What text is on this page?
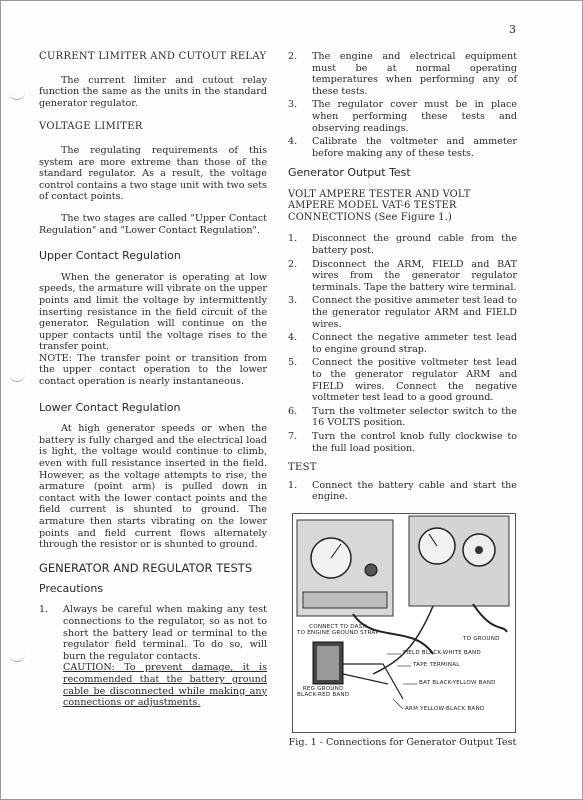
3
CURRENT LIMITER AND CUTOUT RELAY

The current limiter and cutout relay function the same as the units in the standard generator regulator.

VOLTAGE LIMITER

The regulating requirements of this system are more extreme than those of the standard regulator. As a result, the voltage control contains a two stage unit with two sets of contact points.

The two stages are called "Upper Contact Regulation" and "Lower Contact Regulation".

Upper Contact Regulation

When the generator is operating at low speeds, the armature will vibrate on the upper points and limit the voltage by intermittently inserting resistance in the field circuit of the generator. Regulation will continue on the upper contacts until the voltage rises to the transfer point.

NOTE: The transfer point or transition from the upper contact operation to the lower contact operation is nearly instantaneous.

Lower Contact Regulation

At high generator speeds or when the battery is fully charged and the electrical load is light, the voltage would continue to climb, even with full resistance inserted in the field. However, as the voltage attempts to rise, the armature (point arm) is pulled down in contact with the lower contact points and the field current is shunted to ground. The armature then starts vibrating on the lower points and field current flows alternately through the resistor or is shunted to ground.

GENERATOR AND REGULATOR TESTS
Precautions
1. Always be careful when making any test connections to the regulator, so as not to short the battery lead or terminal to the regulator field terminal. To do so, will burn the regulator contacts.
CAUTION: To prevent damage, it is recommended that the battery ground cable be disconnected while making any connections or adjustments.
2. The engine and electrical equipment must be at normal operating temperatures when performing any of these tests.
3. The regulator cover must be in place when performing these tests and observing readings.
4. Calibrate the voltmeter and ammeter before making any of these tests.
Generator Output Test
VOLT AMPERE TESTER AND VOLT AMPERE MODEL VAT-6 TESTER CONNECTIONS (See Figure 1.)
1. Disconnect the ground cable from the battery post.
2. Disconnect the ARM, FIELD and BAT wires from the generator regulator terminals. Tape the battery wire terminal.
3. Connect the positive ammeter test lead to the generator regulator ARM and FIELD wires.
4. Connect the negative ammeter test lead to engine ground strap.
5. Connect the positive voltmeter test lead to the generator regulator ARM and FIELD wires. Connect the negative voltmeter test lead to a good ground.
6. Turn the voltmeter selector switch to the 16 VOLTS position.
7. Turn the control knob fully clockwise to the full load position.
TEST
1. Connect the battery cable and start the engine.
CONNECT TO DASH
TO ENGINE GROUND STRAP
TO GROUND
FIELD BLACK-WHITE BAND
TAPE TERMINAL
BAT BLACK-YELLOW BAND
REG GROUND
BLACK-RED BAND
ARM YELLOW-BLACK BAND
Fig. 1 - Connections for Generator Output Test
